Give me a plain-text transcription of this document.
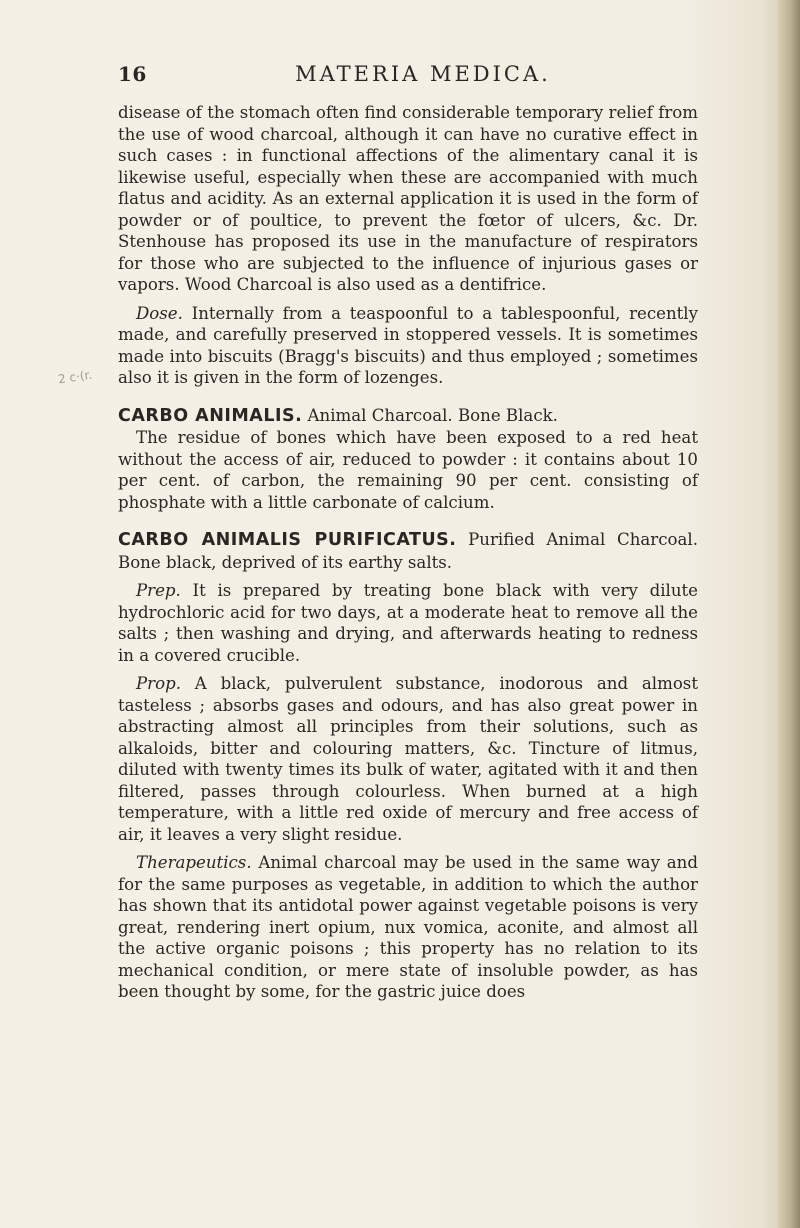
16	MATERIA MEDICA.
2 c·(r.

disease of the stomach often find considerable temporary relief from the use of wood charcoal, although it can have no curative effect in such cases : in functional affections of the alimentary canal it is likewise useful, especially when these are accompanied with much flatus and acidity. As an external application it is used in the form of powder or of poultice, to prevent the fœtor of ulcers, &c. Dr. Stenhouse has proposed its use in the manufacture of respirators for those who are subjected to the influence of injurious gases or vapors. Wood Charcoal is also used as a dentifrice.

Dose. Internally from a teaspoonful to a tablespoonful, recently made, and carefully preserved in stoppered vessels. It is sometimes made into biscuits (Bragg's biscuits) and thus employed ; sometimes also it is given in the form of lozenges.

CARBO ANIMALIS. Animal Charcoal. Bone Black.

The residue of bones which have been exposed to a red heat without the access of air, reduced to powder : it contains about 10 per cent. of carbon, the remaining 90 per cent. consisting of phosphate with a little carbonate of calcium.

CARBO ANIMALIS PURIFICATUS. Purified Animal Charcoal. Bone black, deprived of its earthy salts.

Prep. It is prepared by treating bone black with very dilute hydrochloric acid for two days, at a moderate heat to remove all the salts ; then washing and drying, and afterwards heating to redness in a covered crucible.

Prop. A black, pulverulent substance, inodorous and almost tasteless ; absorbs gases and odours, and has also great power in abstracting almost all principles from their solutions, such as alkaloids, bitter and colouring matters, &c. Tincture of litmus, diluted with twenty times its bulk of water, agitated with it and then filtered, passes through colourless. When burned at a high temperature, with a little red oxide of mercury and free access of air, it leaves a very slight residue.

Therapeutics. Animal charcoal may be used in the same way and for the same purposes as vegetable, in addition to which the author has shown that its antidotal power against vegetable poisons is very great, rendering inert opium, nux vomica, aconite, and almost all the active organic poisons ; this property has no relation to its mechanical condition, or mere state of insoluble powder, as has been thought by some, for the gastric juice does
